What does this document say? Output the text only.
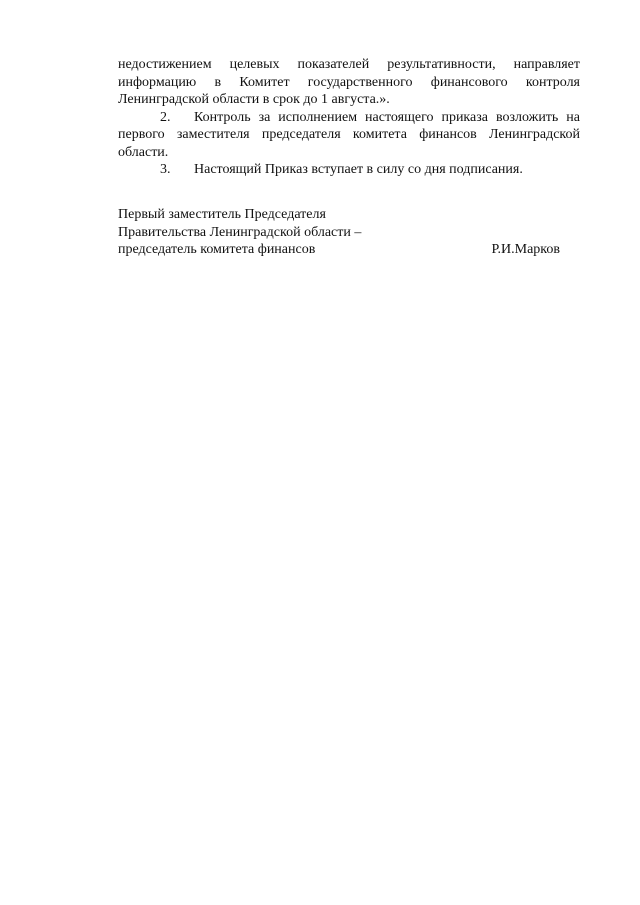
недостижением целевых показателей результативности, направляет информацию в Комитет государственного финансового контроля Ленинградской области в срок до 1 августа.».

2. Контроль за исполнением настоящего приказа возложить на первого заместителя председателя комитета финансов Ленинградской области.

3. Настоящий Приказ вступает в силу со дня подписания.

Первый заместитель Председателя

Правительства Ленинградской области –

председатель комитета финансов	Р.И.Марков
